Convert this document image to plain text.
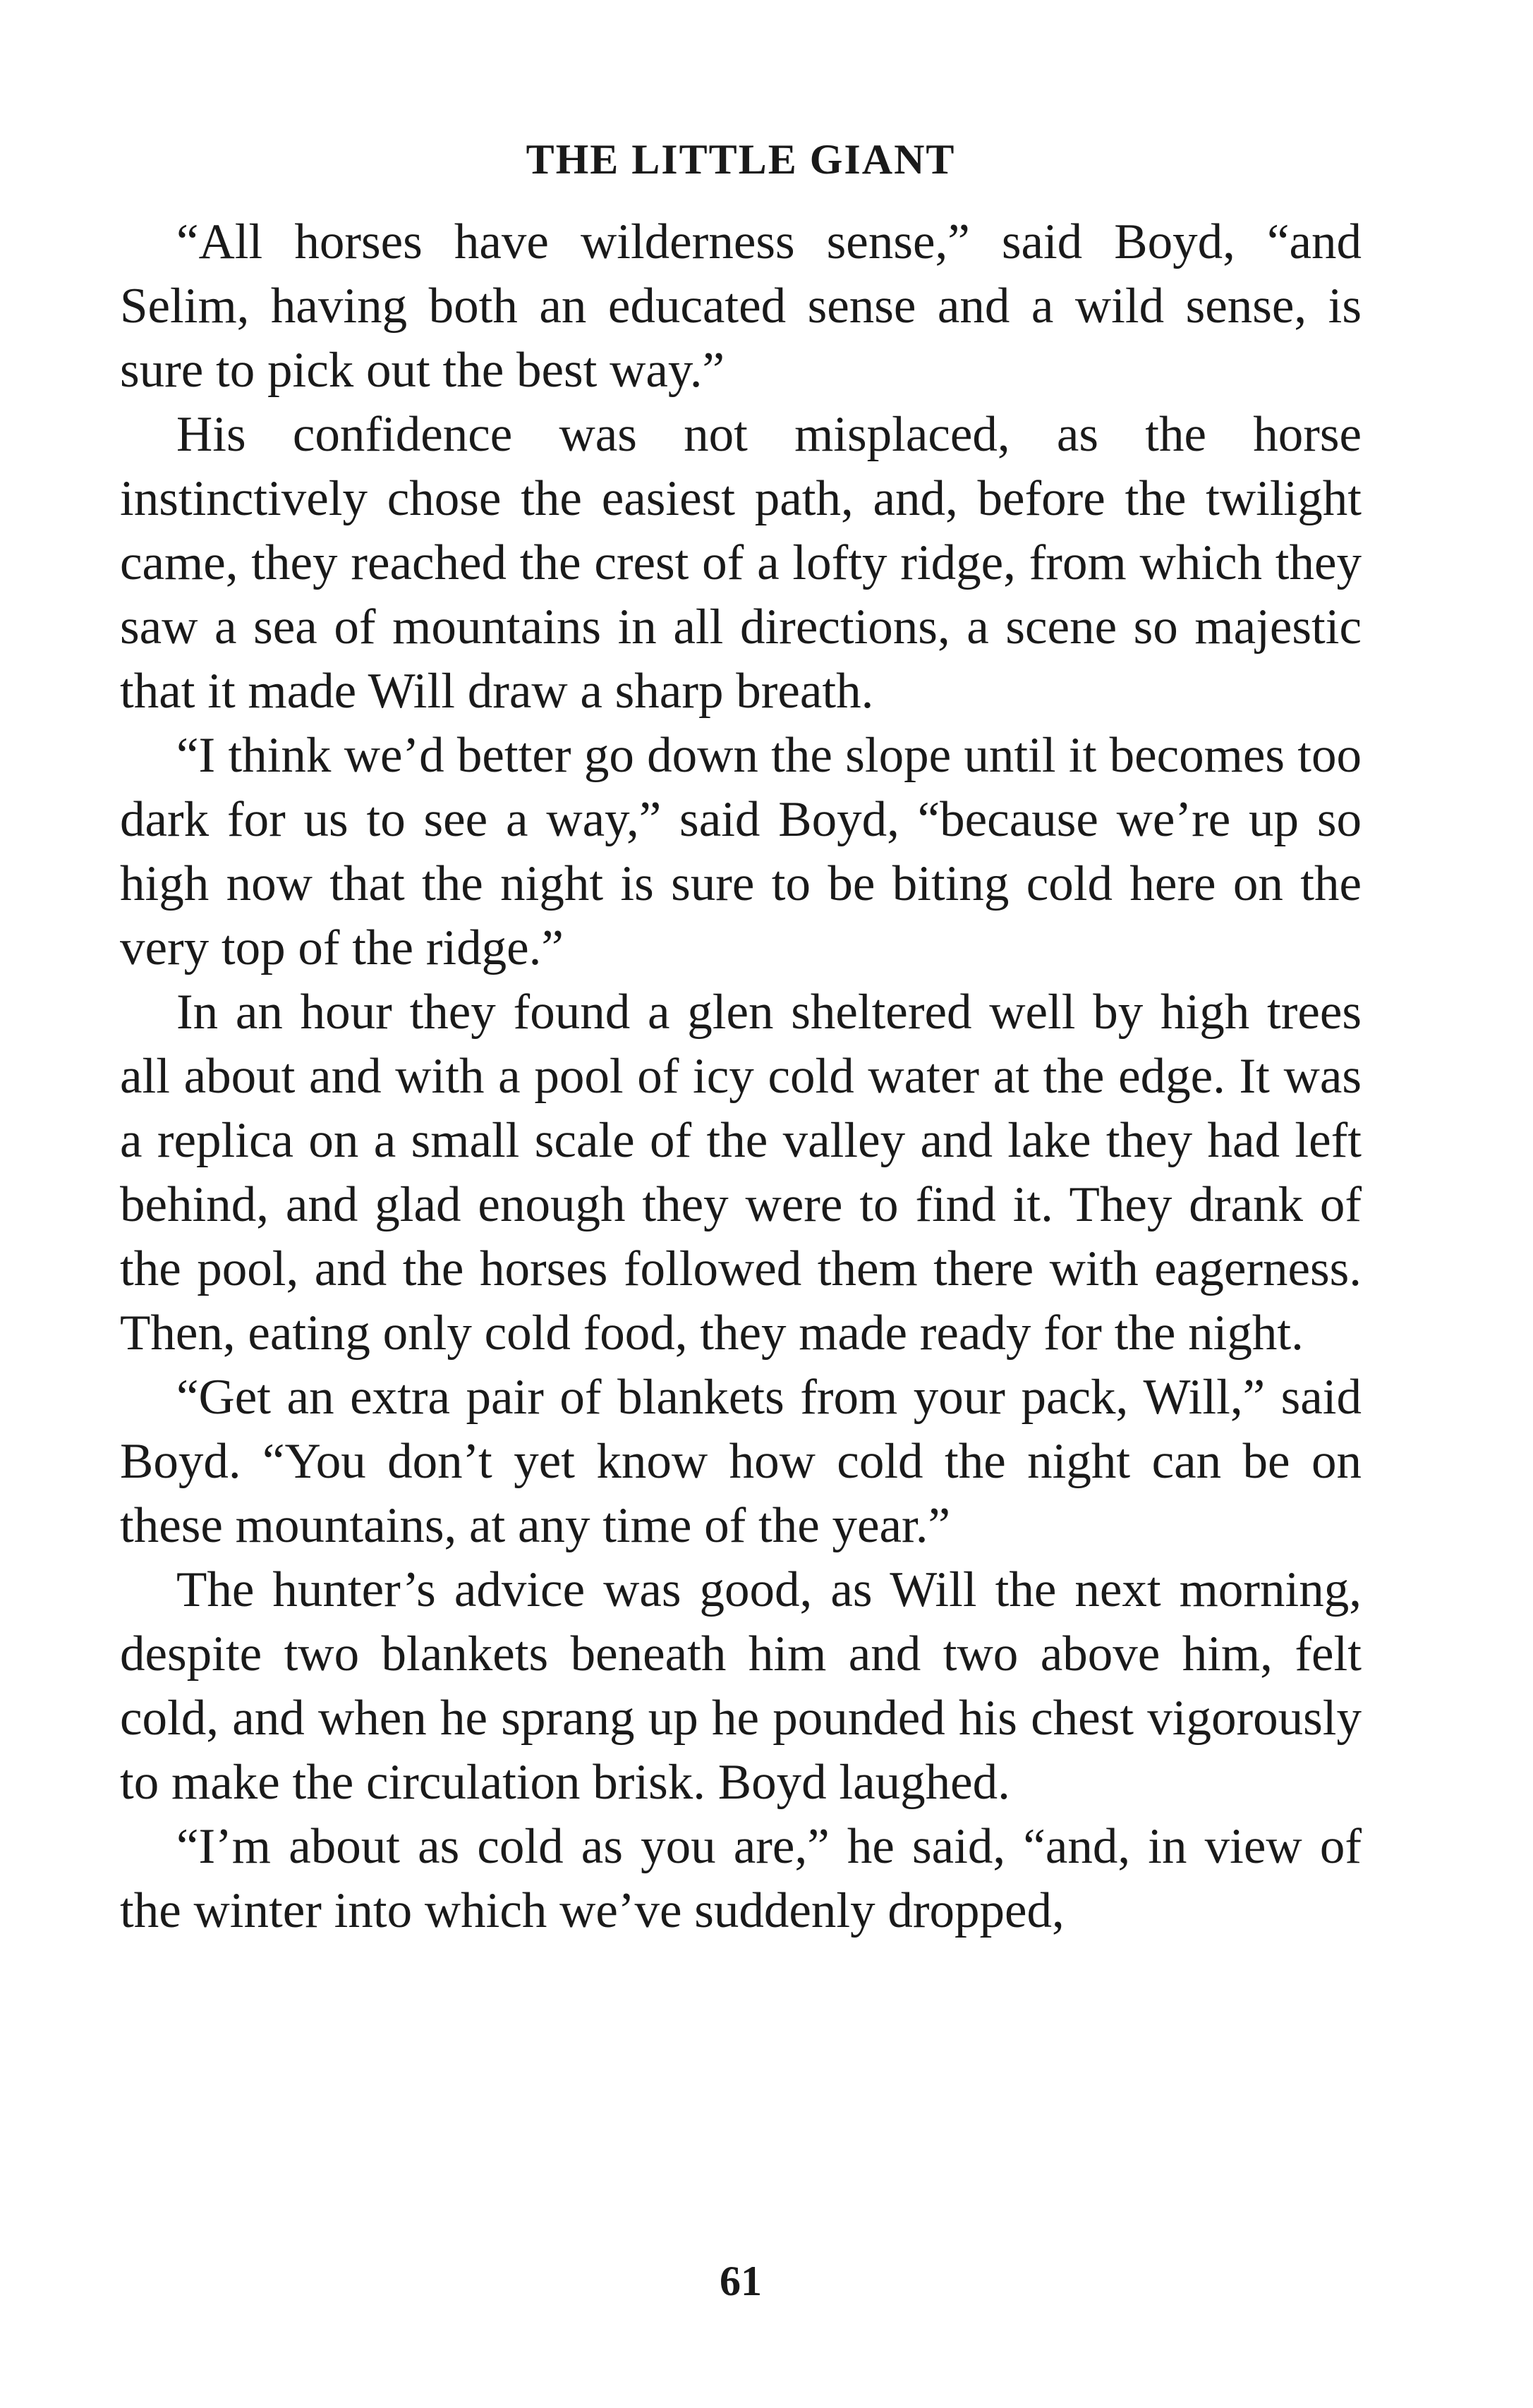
THE LITTLE GIANT

“All horses have wilderness sense,” said Boyd, “and Selim, having both an educated sense and a wild sense, is sure to pick out the best way.”

His confidence was not misplaced, as the horse instinctively chose the easiest path, and, before the twilight came, they reached the crest of a lofty ridge, from which they saw a sea of mountains in all directions, a scene so majestic that it made Will draw a sharp breath.

“I think we’d better go down the slope until it becomes too dark for us to see a way,” said Boyd, “because we’re up so high now that the night is sure to be biting cold here on the very top of the ridge.”

In an hour they found a glen sheltered well by high trees all about and with a pool of icy cold water at the edge. It was a replica on a small scale of the valley and lake they had left behind, and glad enough they were to find it. They drank of the pool, and the horses followed them there with eagerness. Then, eating only cold food, they made ready for the night.

“Get an extra pair of blankets from your pack, Will,” said Boyd. “You don’t yet know how cold the night can be on these mountains, at any time of the year.”

The hunter’s advice was good, as Will the next morning, despite two blankets beneath him and two above him, felt cold, and when he sprang up he pounded his chest vigorously to make the circulation brisk. Boyd laughed.

“I’m about as cold as you are,” he said, “and, in view of the winter into which we’ve suddenly dropped,

61
